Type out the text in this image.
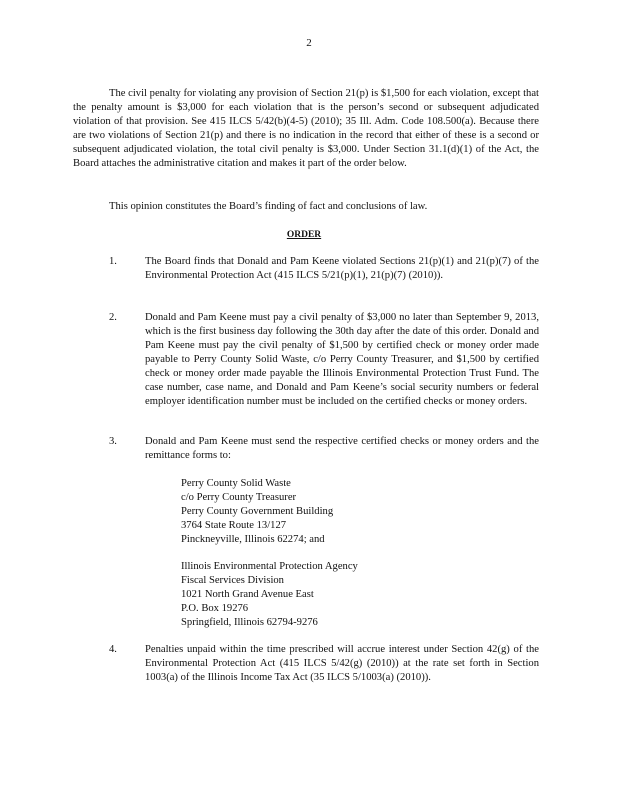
2

The civil penalty for violating any provision of Section 21(p) is $1,500 for each violation, except that the penalty amount is $3,000 for each violation that is the person’s second or subsequent adjudicated violation of that provision. See 415 ILCS 5/42(b)(4-5) (2010); 35 Ill. Adm. Code 108.500(a). Because there are two violations of Section 21(p) and there is no indication in the record that either of these is a second or subsequent adjudicated violation, the total civil penalty is $3,000. Under Section 31.1(d)(1) of the Act, the Board attaches the administrative citation and makes it part of the order below.

This opinion constitutes the Board’s finding of fact and conclusions of law.

ORDER
1.	The Board finds that Donald and Pam Keene violated Sections 21(p)(1) and 21(p)(7) of the Environmental Protection Act (415 ILCS 5/21(p)(1), 21(p)(7) (2010)).

2.	Donald and Pam Keene must pay a civil penalty of $3,000 no later than September 9, 2013, which is the first business day following the 30th day after the date of this order. Donald and Pam Keene must pay the civil penalty of $1,500 by certified check or money order made payable to Perry County Solid Waste, c/o Perry County Treasurer, and $1,500 by certified check or money order made payable the Illinois Environmental Protection Trust Fund. The case number, case name, and Donald and Pam Keene’s social security numbers or federal employer identification number must be included on the certified checks or money orders.

3.	Donald and Pam Keene must send the respective certified checks or money orders and the remittance forms to:

Perry County Solid Waste
c/o Perry County Treasurer
Perry County Government Building
3764 State Route 13/127
Pinckneyville, Illinois 62274; and
Illinois Environmental Protection Agency
Fiscal Services Division
1021 North Grand Avenue East
P.O. Box 19276
Springfield, Illinois 62794-9276
4.	Penalties unpaid within the time prescribed will accrue interest under Section 42(g) of the Environmental Protection Act (415 ILCS 5/42(g) (2010)) at the rate set forth in Section 1003(a) of the Illinois Income Tax Act (35 ILCS 5/1003(a) (2010)).
